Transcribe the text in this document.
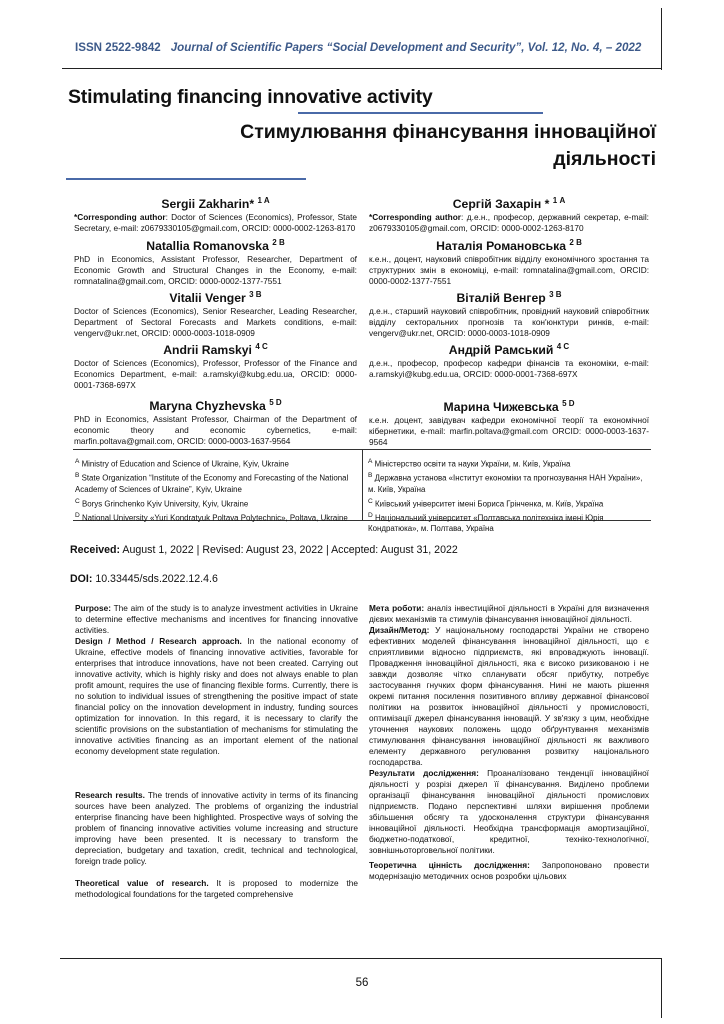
ISSN 2522-9842 Journal of Scientific Papers “Social Development and Security”, Vol. 12, No. 4, – 2022
Stimulating financing innovative activity
Стимулювання фінансування інноваційної діяльності
Sergii Zakharin* $^{1 A}$
*Corresponding author: Doctor of Sciences (Economics), Professor, State Secretary, e-mail: z0679330105@gmail.com, ORCID: 0000-0002-1263-8170
Natallia Romanovska $^{2 B}$
PhD in Economics, Assistant Professor, Researcher, Department of Economic Growth and Structural Changes in the Economy, e-mail: romnatalina@gmail.com, ORCID: 0000-0002-1377-7551
Vitalii Venger $^{3 B}$
Doctor of Sciences (Economics), Senior Researcher, Leading Researcher, Department of Sectoral Forecasts and Markets conditions, e-mail: vengerv@ukr.net, ORCID: 0000-0003-1018-0909
Andrii Ramskyi $^{4 C}$
Doctor of Sciences (Economics), Professor, Professor of the Finance and Economics Department, e-mail: a.ramskyi@kubg.edu.ua, ORCID: 0000-0001-7368-697X
Maryna Chyzhevska $^{5 D}$
PhD in Economics, Assistant Professor, Chairman of the Department of economic theory and economic cybernetics, e-mail: marfin.poltava@gmail.com, ORCID: 0000-0003-1637-9564
Сергій Захарін * $^{1 A}$
*Corresponding author: д.е.н., професор, державний секретар, e-mail: z0679330105@gmail.com, ORCID: 0000-0002-1263-8170
Наталія Романовська $^{2 B}$
к.е.н., доцент, науковий співробітник відділу економічного зростання та структурних змін в економіці, e-mail: romnatalina@gmail.com, ORCID: 0000-0002-1377-7551
Віталій Венгер $^{3 B}$
д.е.н., старший науковий співробітник, провідний науковий співробітник відділу секторальних прогнозів та кон'юнктури ринків, e-mail: vengerv@ukr.net, ORCID: 0000-0003-1018-0909
Андрій Рамський $^{4 C}$
д.е.н., професор, професор кафедри фінансів та економіки, e-mail: a.ramskyi@kubg.edu.ua, ORCID: 0000-0001-7368-697X
Марина Чижевська $^{5 D}$
к.е.н. доцент, завідувач кафедри економічної теорії та економічної кібернетики, e-mail: marfin.poltava@gmail.com ORCID: 0000-0003-1637-9564
$^A$ Ministry of Education and Science of Ukraine, Kyiv, Ukraine
$^B$ State Organization “Institute of the Economy and Forecasting of the National Academy of Sciences of Ukraine”, Kyiv, Ukraine
$^C$ Borys Grinchenko Kyiv University, Kyiv, Ukraine
$^D$ National University «Yuri Kondratyuk Poltava Polytechnic», Poltava, Ukraine
$^A$ Міністерство освіти та науки України, м. Київ, Україна
$^B$ Державна установа «Інститут економіки та прогнозування НАН України», м. Київ, Україна
$^C$ Київський університет імені Бориса Грінченка, м. Київ, Україна
$^D$ Національний університет «Полтавська політехніка імені Юрія Кондратюка», м. Полтава, Україна
Received: August 1, 2022 | Revised: August 23, 2022 | Accepted: August 31, 2022
DOI: 10.33445/sds.2022.12.4.6
Purpose: The aim of the study is to analyze investment activities in Ukraine to determine effective mechanisms and incentives for financing innovative activities.
Design / Method / Research approach. In the national economy of Ukraine, effective models of financing innovative activities, favorable for enterprises that introduce innovations, have not been created. Carrying out innovative activity, which is highly risky and does not always enable to plan profit amount, requires the use of financing flexible forms. Currently, there is no solution to individual issues of strengthening the positive impact of state financial policy on the innovation development in industry, funding sources optimization for innovation. In this regard, it is necessary to clarify the scientific provisions on the substantiation of mechanisms for stimulating the innovative activities financing as an important element of the national economy development state regulation.
Research results. The trends of innovative activity in terms of its financing sources have been analyzed. The problems of organizing the industrial enterprise financing have been highlighted. Prospective ways of solving the problem of financing innovative activities volume increasing and structure improving have been presented. It is necessary to transform the depreciation, budgetary and taxation, credit, technical and technological, foreign trade policy.
Theoretical value of research. It is proposed to modernize the methodological foundations for the targeted comprehensive
Мета роботи: аналіз інвестиційної діяльності в Україні для визначення дієвих механізмів та стимулів фінансування інноваційної діяльності.
Дизайн/Метод: У національному господарстві України не створено ефективних моделей фінансування інноваційної діяльності, що є сприятливими відносно підприємств, які впроваджують інновації. Провадження інноваційної діяльності, яка є високо ризикованою і не завжди дозволяє чітко спланувати обсяг прибутку, потребує застосування гнучких форм фінансування. Нині не мають рішення окремі питання посилення позитивного впливу державної фінансової політики на розвиток інноваційної діяльності у промисловості, оптимізації джерел фінансування інновацій. У зв'язку з цим, необхідне уточнення наукових положень щодо обґрунтування механізмів стимулювання фінансування інноваційної діяльності як важливого елементу державного регулювання розвитку національного господарства.
Результати дослідження: Проаналізовано тенденції інноваційної діяльності у розрізі джерел її фінансування. Виділено проблеми організації фінансування інноваційної діяльності промислових підприємств. Подано перспективні шляхи вирішення проблеми збільшення обсягу та удосконалення структури фінансування інноваційної діяльності. Необхідна трансформація амортизаційної, бюджетно-податкової, кредитної, техніко-технологічної, зовнішньоторговельної політики.
Теоретична цінність дослідження: Запропоновано провести модернізацію методичних основ розробки цільових
56
